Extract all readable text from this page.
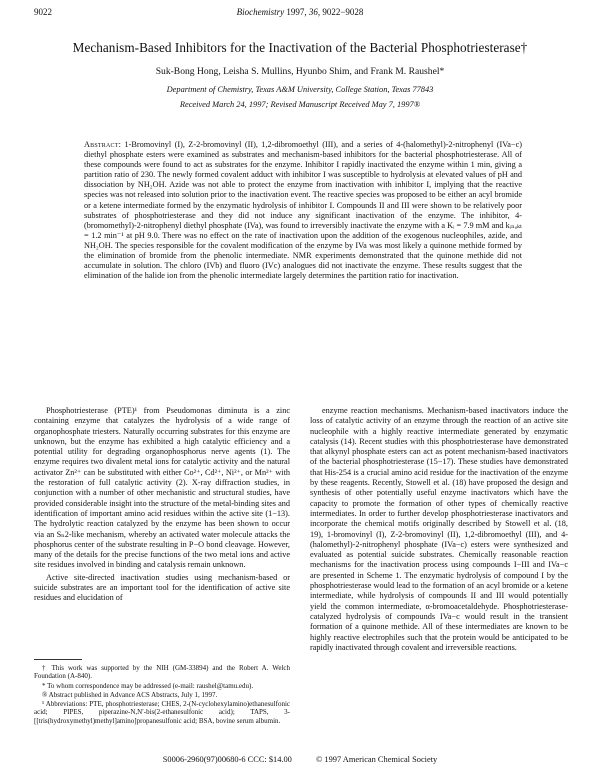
9022	Biochemistry 1997, 36, 9022−9028
Mechanism-Based Inhibitors for the Inactivation of the Bacterial Phosphotriesterase†
Suk-Bong Hong, Leisha S. Mullins, Hyunbo Shim, and Frank M. Raushel*
Department of Chemistry, Texas A&M University, College Station, Texas 77843
Received March 24, 1997; Revised Manuscript Received May 7, 1997®
Abstract: 1-Bromovinyl (I), Z-2-bromovinyl (II), 1,2-dibromoethyl (III), and a series of 4-(halomethyl)-2-nitrophenyl (IVa−c) diethyl phosphate esters were examined as substrates and mechanism-based inhibitors for the bacterial phosphotriesterase. All of these compounds were found to act as substrates for the enzyme. Inhibitor I rapidly inactivated the enzyme within 1 min, giving a partition ratio of 230. The newly formed covalent adduct with inhibitor I was susceptible to hydrolysis at elevated values of pH and dissociation by NH₂OH. Azide was not able to protect the enzyme from inactivation with inhibitor I, implying that the reactive species was not released into solution prior to the inactivation event. The reactive species was proposed to be either an acyl bromide or a ketene intermediate formed by the enzymatic hydrolysis of inhibitor I. Compounds II and III were shown to be relatively poor substrates of phosphotriesterase and they did not induce any significant inactivation of the enzyme. The inhibitor, 4-(bromomethyl)-2-nitrophenyl diethyl phosphate (IVa), was found to irreversibly inactivate the enzyme with a Kᵢ = 7.9 mM and kᵢₙₐₖₜ = 1.2 min⁻¹ at pH 9.0. There was no effect on the rate of inactivation upon the addition of the exogenous nucleophiles, azide, and NH₂OH. The species responsible for the covalent modification of the enzyme by IVa was most likely a quinone methide formed by the elimination of bromide from the phenolic intermediate. NMR experiments demonstrated that the quinone methide did not accumulate in solution. The chloro (IVb) and fluoro (IVc) analogues did not inactivate the enzyme. These results suggest that the elimination of the halide ion from the phenolic intermediate largely determines the partition ratio for inactivation.

Phosphotriesterase (PTE)¹ from Pseudomonas diminuta is a zinc containing enzyme that catalyzes the hydrolysis of a wide range of organophosphate triesters. Naturally occurring substrates for this enzyme are unknown, but the enzyme has exhibited a high catalytic efficiency and a potential utility for degrading organophosphorus nerve agents (1). The enzyme requires two divalent metal ions for catalytic activity and the natural activator Zn²⁺ can be substituted with either Co²⁺, Cd²⁺, Ni²⁺, or Mn²⁺ with the restoration of full catalytic activity (2). X-ray diffraction studies, in conjunction with a number of other mechanistic and structural studies, have provided considerable insight into the structure of the metal-binding sites and identification of important amino acid residues within the active site (1−13). The hydrolytic reaction catalyzed by the enzyme has been shown to occur via an Sₙ2-like mechanism, whereby an activated water molecule attacks the phosphorus center of the substrate resulting in P−O bond cleavage. However, many of the details for the precise functions of the two metal ions and active site residues involved in binding and catalysis remain unknown.

Active site-directed inactivation studies using mechanism-based or suicide substrates are an important tool for the identification of active site residues and elucidation of

enzyme reaction mechanisms. Mechanism-based inactivators induce the loss of catalytic activity of an enzyme through the reaction of an active site nucleophile with a highly reactive intermediate generated by enzymatic catalysis (14). Recent studies with this phosphotriesterase have demonstrated that alkynyl phosphate esters can act as potent mechanism-based inactivators of the bacterial phosphotriesterase (15−17). These studies have demonstrated that His-254 is a crucial amino acid residue for the inactivation of the enzyme by these reagents. Recently, Stowell et al. (18) have proposed the design and synthesis of other potentially useful enzyme inactivators which have the capacity to promote the formation of other types of chemically reactive intermediates. In order to further develop phosphotriesterase inactivators and incorporate the chemical motifs originally described by Stowell et al. (18, 19), 1-bromovinyl (I), Z-2-bromovinyl (II), 1,2-dibromoethyl (III), and 4-(halomethyl)-2-nitrophenyl phosphate (IVa−c) esters were synthesized and evaluated as potential suicide substrates. Chemically reasonable reaction mechanisms for the inactivation process using compounds I−III and IVa−c are presented in Scheme 1. The enzymatic hydrolysis of compound I by the phosphotriesterase would lead to the formation of an acyl bromide or a ketene intermediate, while hydrolysis of compounds II and III would potentially yield the common intermediate, α-bromoacetaldehyde. Phosphotriesterase-catalyzed hydrolysis of compounds IVa−c would result in the transient formation of a quinone methide. All of these intermediates are known to be highly reactive electrophiles such that the protein would be anticipated to be rapidly inactivated through covalent and irreversible reactions.

† This work was supported by the NIH (GM-33894) and the Robert A. Welch Foundation (A-840).

* To whom correspondence may be addressed (e-mail: raushel@tamu.edu).

® Abstract published in Advance ACS Abstracts, July 1, 1997.

¹ Abbreviations: PTE, phosphotriesterase; CHES, 2-(N-cyclohexylamino)ethanesulfonic acid; PIPES, piperazine-N,N′-bis(2-ethanesulfonic acid); TAPS, 3-[[tris(hydroxymethyl)methyl]amino]propanesulfonic acid; BSA, bovine serum albumin.

S0006-2960(97)00680-6 CCC: $14.00	© 1997 American Chemical Society
